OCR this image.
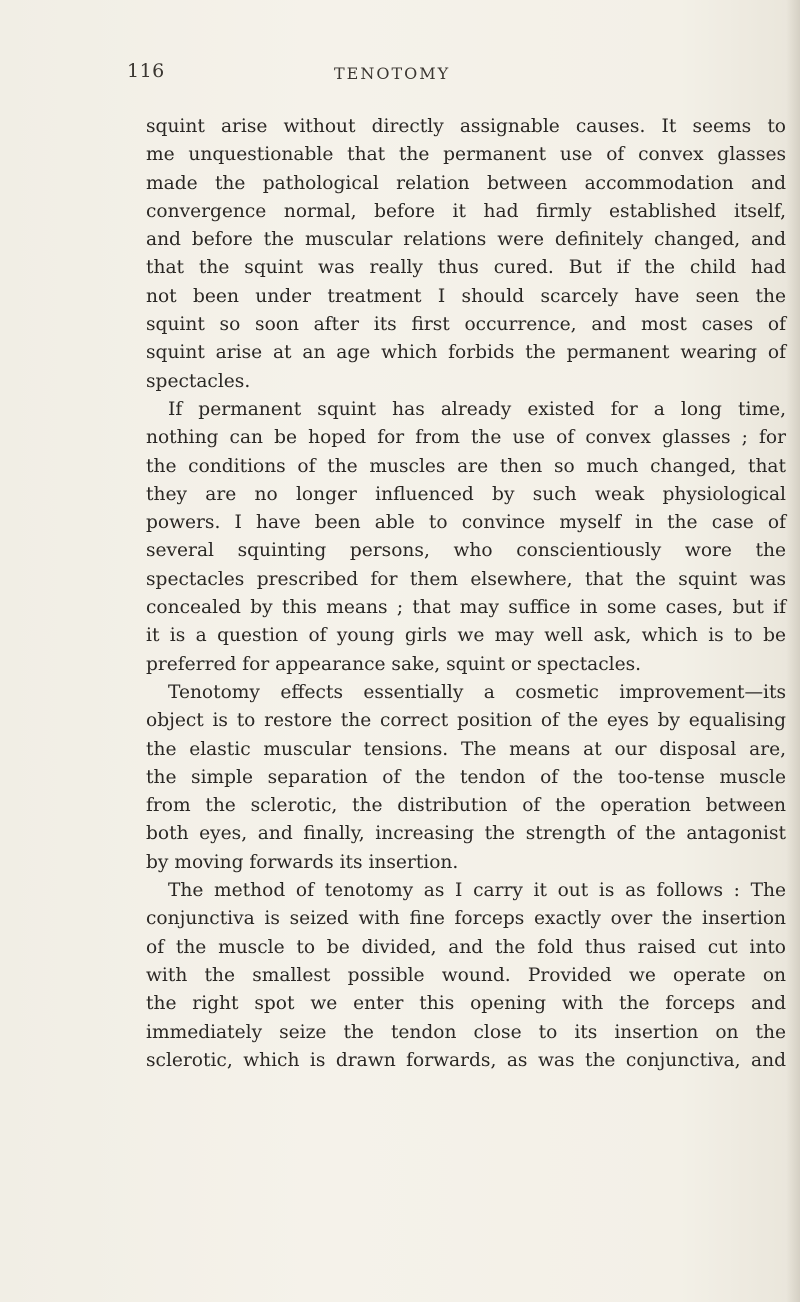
116	TENOTOMY
squint arise without directly assignable causes. It seems to
me unquestionable that the permanent use of convex glasses
made the pathological relation between accommodation and
convergence normal, before it had firmly established itself,
and before the muscular relations were definitely changed, and
that the squint was really thus cured. But if the child had
not been under treatment I should scarcely have seen the
squint so soon after its first occurrence, and most cases of
squint arise at an age which forbids the permanent wearing of
spectacles.
If permanent squint has already existed for a long time,
nothing can be hoped for from the use of convex glasses ; for
the conditions of the muscles are then so much changed, that
they are no longer influenced by such weak physiological
powers. I have been able to convince myself in the case of
several squinting persons, who conscientiously wore the
spectacles prescribed for them elsewhere, that the squint was
concealed by this means ; that may suffice in some cases, but if
it is a question of young girls we may well ask, which is to be
preferred for appearance sake, squint or spectacles.
Tenotomy effects essentially a cosmetic improvement—its
object is to restore the correct position of the eyes by equalising
the elastic muscular tensions. The means at our disposal are,
the simple separation of the tendon of the too-tense muscle
from the sclerotic, the distribution of the operation between
both eyes, and finally, increasing the strength of the antagonist
by moving forwards its insertion.
The method of tenotomy as I carry it out is as follows : The
conjunctiva is seized with fine forceps exactly over the insertion
of the muscle to be divided, and the fold thus raised cut into
with the smallest possible wound. Provided we operate on
the right spot we enter this opening with the forceps and
immediately seize the tendon close to its insertion on the
sclerotic, which is drawn forwards, as was the conjunctiva, and
